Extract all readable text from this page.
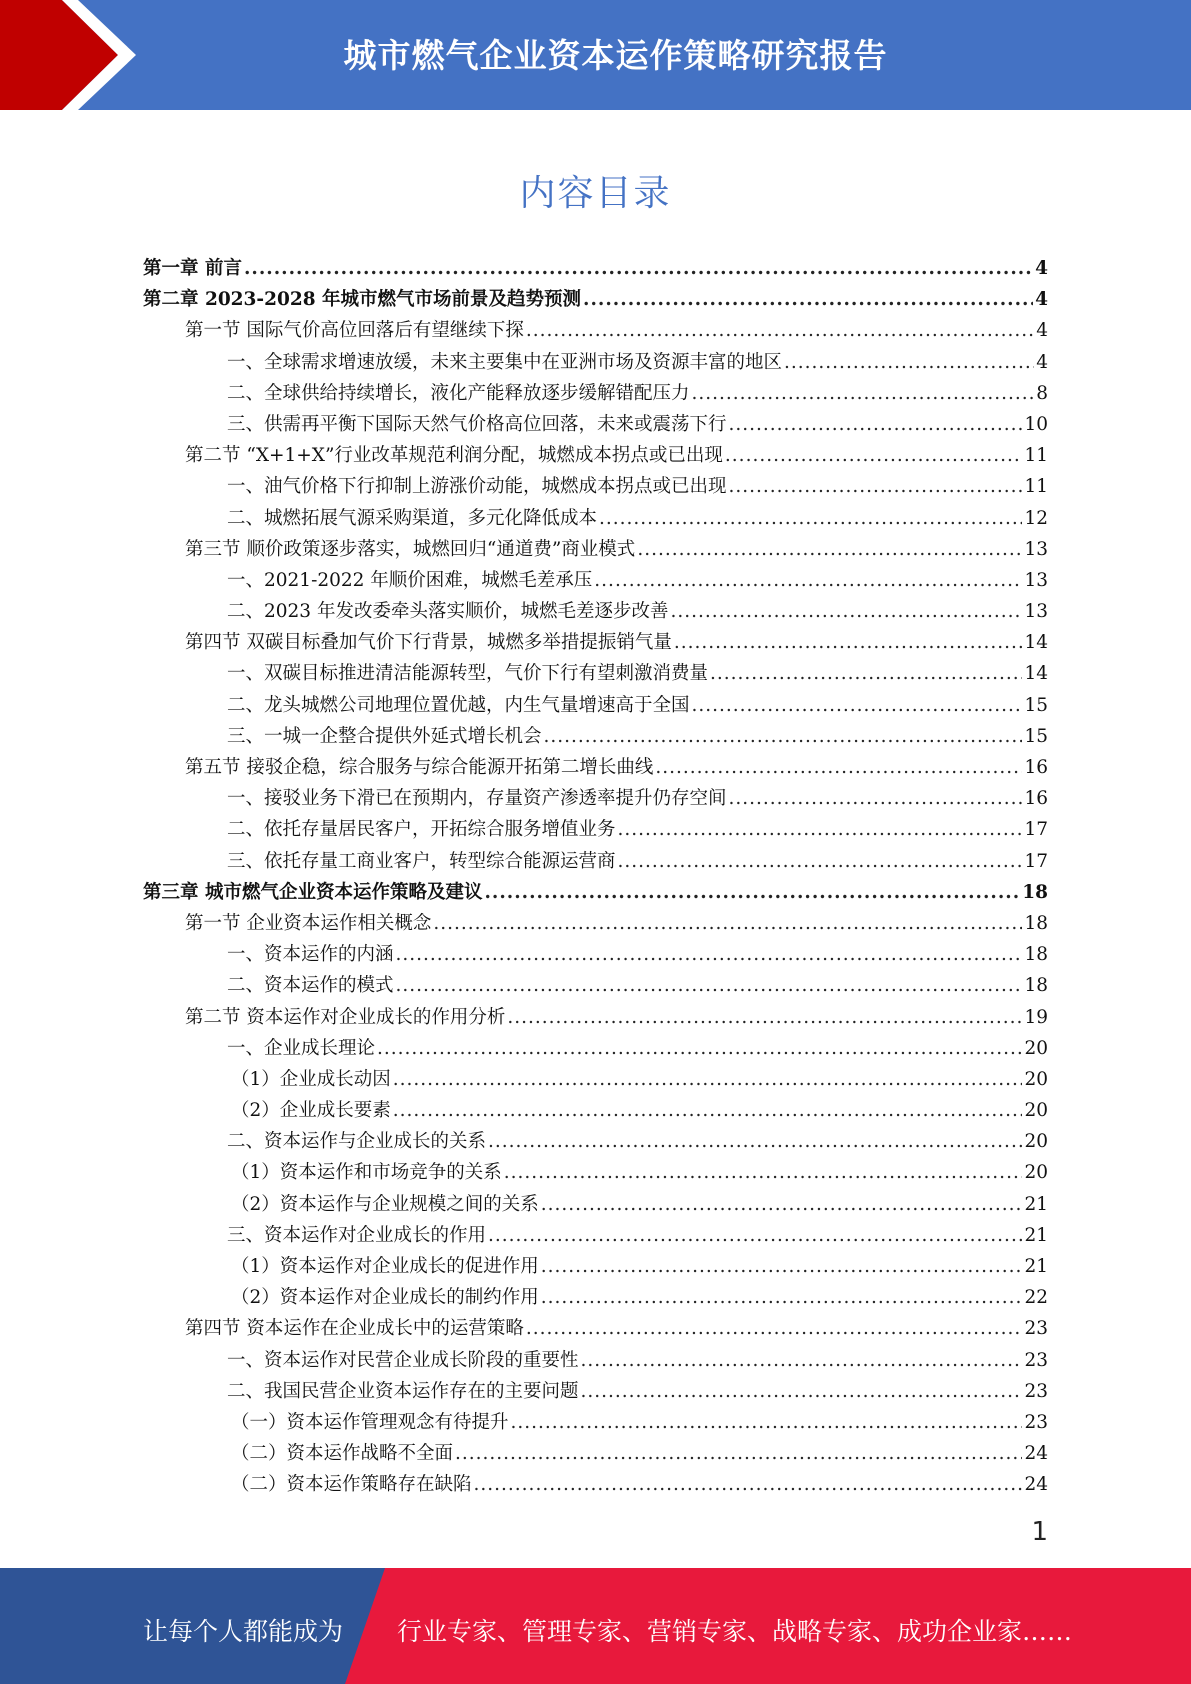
城市燃气企业资本运作策略研究报告
内容目录
第一章 前言 .....	4
第二章 2023-2028 年城市燃气市场前景及趋势预测 .....	4
第一节 国际气价高位回落后有望继续下探 .....	4
一、全球需求增速放缓，未来主要集中在亚洲市场及资源丰富的地区 .....	4
二、全球供给持续增长，液化产能释放逐步缓解错配压力 .....	8
三、供需再平衡下国际天然气价格高位回落，未来或震荡下行 .....	10
第二节 “X+1+X”行业改革规范利润分配，城燃成本拐点或已出现 .....	11
一、油气价格下行抑制上游涨价动能，城燃成本拐点或已出现 .....	11
二、城燃拓展气源采购渠道，多元化降低成本 .....	12
第三节 顺价政策逐步落实，城燃回归“通道费”商业模式 .....	13
一、2021-2022 年顺价困难，城燃毛差承压 .....	13
二、2023 年发改委牵头落实顺价，城燃毛差逐步改善 .....	13
第四节 双碳目标叠加气价下行背景，城燃多举措提振销气量 .....	14
一、双碳目标推进清洁能源转型，气价下行有望刺激消费量 .....	14
二、龙头城燃公司地理位置优越，内生气量增速高于全国 .....	15
三、一城一企整合提供外延式增长机会 .....	15
第五节 接驳企稳，综合服务与综合能源开拓第二增长曲线 .....	16
一、接驳业务下滑已在预期内，存量资产渗透率提升仍存空间 .....	16
二、依托存量居民客户，开拓综合服务增值业务 .....	17
三、依托存量工商业客户，转型综合能源运营商 .....	17
第三章 城市燃气企业资本运作策略及建议 .....	18
第一节 企业资本运作相关概念 .....	18
一、资本运作的内涵 .....	18
二、资本运作的模式 .....	18
第二节 资本运作对企业成长的作用分析 .....	19
一、企业成长理论 .....	20
（1）企业成长动因 .....	20
（2）企业成长要素 .....	20
二、资本运作与企业成长的关系 .....	20
（1）资本运作和市场竞争的关系 .....	20
（2）资本运作与企业规模之间的关系 .....	21
三、资本运作对企业成长的作用 .....	21
（1）资本运作对企业成长的促进作用 .....	21
（2）资本运作对企业成长的制约作用 .....	22
第四节 资本运作在企业成长中的运营策略 .....	23
一、资本运作对民营企业成长阶段的重要性 .....	23
二、我国民营企业资本运作存在的主要问题 .....	23
（一）资本运作管理观念有待提升 .....	23
（二）资本运作战略不全面 .....	24
（二）资本运作策略存在缺陷 .....	24
1
让每个人都能成为 行业专家、管理专家、营销专家、战略专家、成功企业家……
